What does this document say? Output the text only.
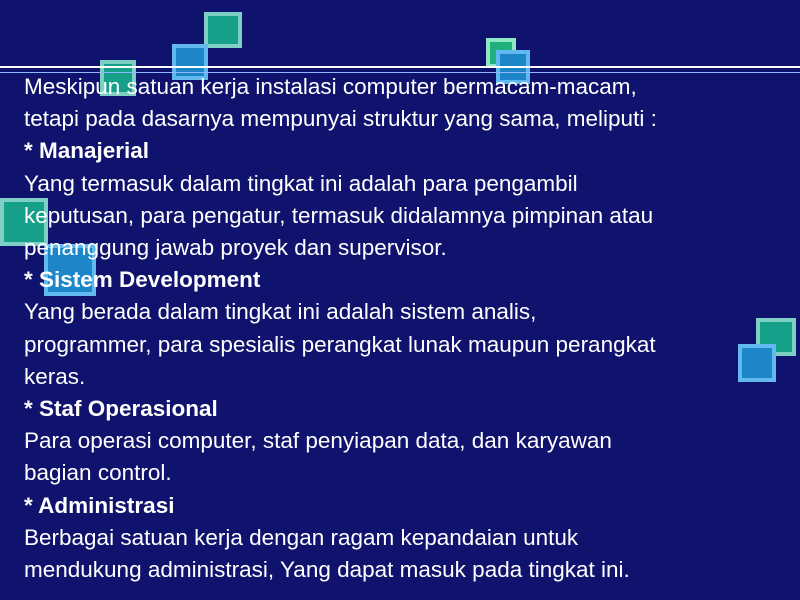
Meskipun satuan kerja instalasi computer bermacam-macam,

tetapi pada dasarnya mempunyai struktur yang sama, meliputi :

* Manajerial

Yang termasuk dalam tingkat ini adalah para pengambil

keputusan, para pengatur, termasuk didalamnya pimpinan atau

penanggung jawab proyek dan supervisor.

* Sistem Development

Yang berada dalam tingkat ini adalah sistem analis,

programmer, para spesialis perangkat lunak maupun perangkat

keras.

* Staf Operasional

Para operasi computer, staf penyiapan data, dan karyawan

bagian control.

* Administrasi

Berbagai satuan kerja dengan ragam kepandaian untuk

mendukung administrasi, Yang dapat masuk pada tingkat ini.
